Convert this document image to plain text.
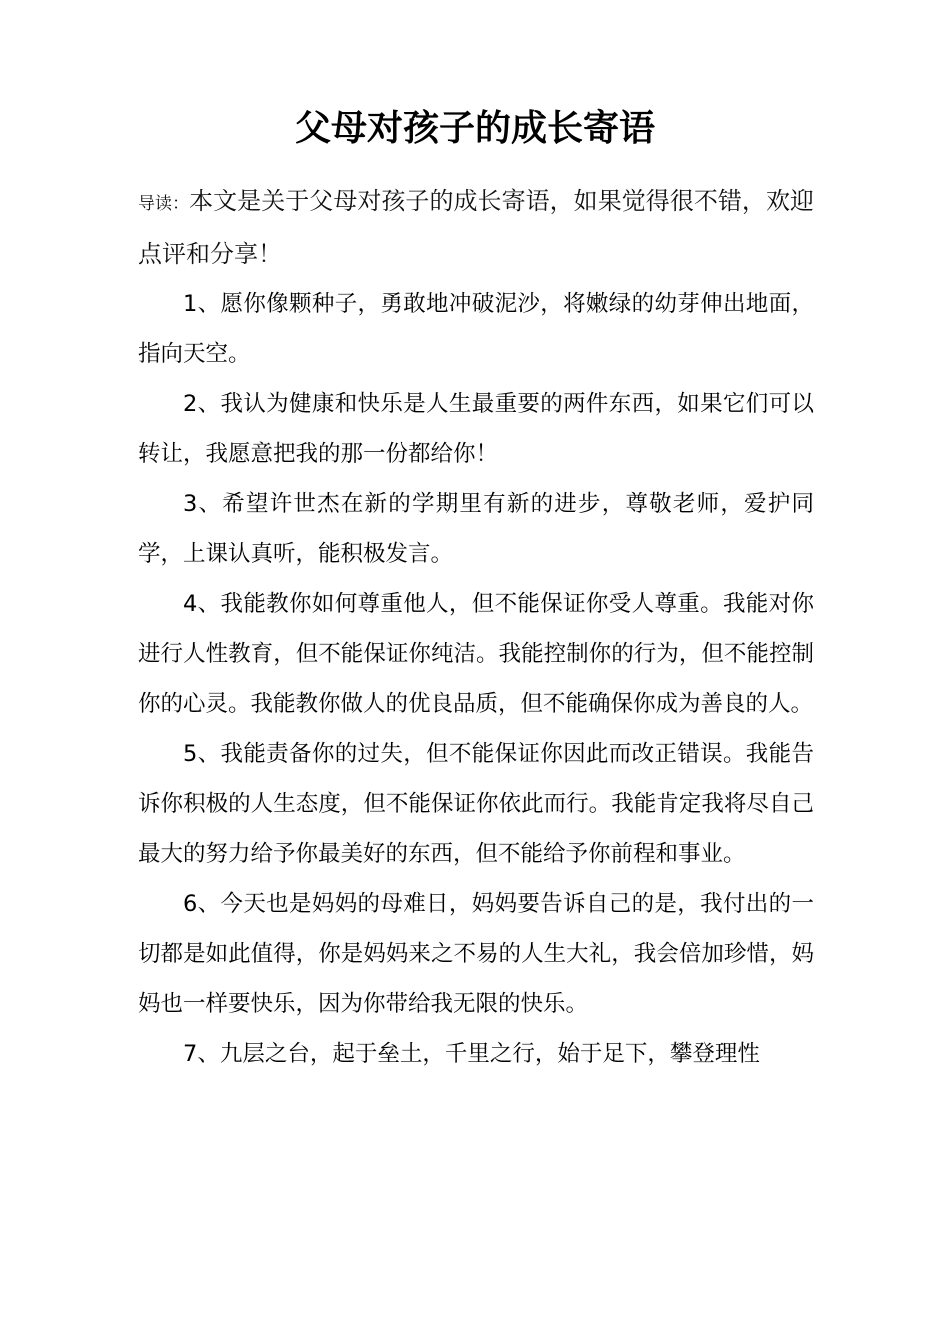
父母对孩子的成长寄语

导读：本文是关于父母对孩子的成长寄语，如果觉得很不错，欢迎点评和分享！

1、愿你像颗种子，勇敢地冲破泥沙，将嫩绿的幼芽伸出地面，指向天空。

2、我认为健康和快乐是人生最重要的两件东西，如果它们可以转让，我愿意把我的那一份都给你！

3、希望许世杰在新的学期里有新的进步，尊敬老师，爱护同学，上课认真听，能积极发言。

4、我能教你如何尊重他人，但不能保证你受人尊重。我能对你进行人性教育，但不能保证你纯洁。我能控制你的行为，但不能控制你的心灵。我能教你做人的优良品质，但不能确保你成为善良的人。

5、我能责备你的过失，但不能保证你因此而改正错误。我能告诉你积极的人生态度，但不能保证你依此而行。我能肯定我将尽自己最大的努力给予你最美好的东西，但不能给予你前程和事业。

6、今天也是妈妈的母难日，妈妈要告诉自己的是，我付出的一切都是如此值得，你是妈妈来之不易的人生大礼，我会倍加珍惜，妈妈也一样要快乐，因为你带给我无限的快乐。

7、九层之台，起于垒土，千里之行，始于足下，攀登理性
